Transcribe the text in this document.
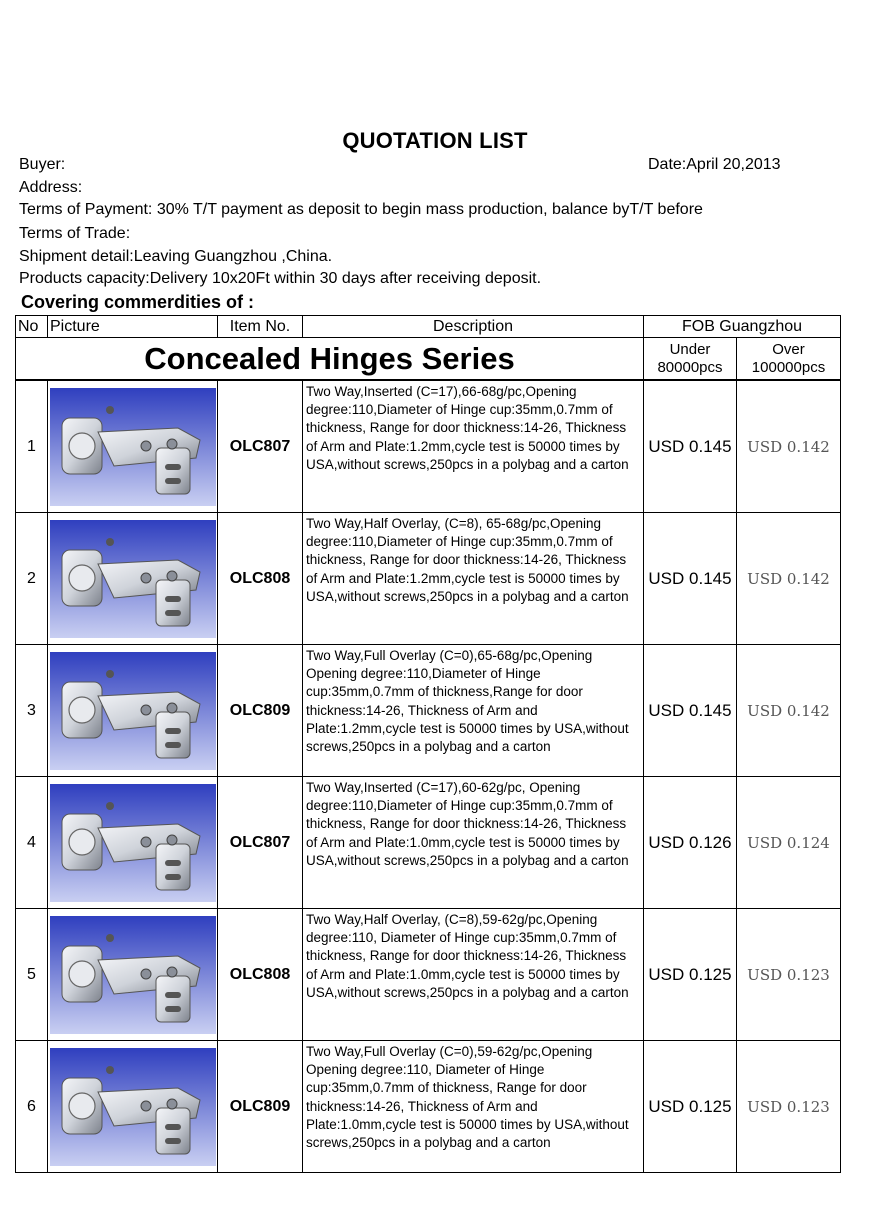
QUOTATION LIST
Buyer:	Date:April 20,2013
Address:
Terms of Payment: 30% T/T payment as deposit to begin mass production, balance byT/T before
Terms of Trade:
Shipment detail:Leaving Guangzhou ,China.
Products capacity:Delivery 10x20Ft within 30 days after receiving deposit.
Covering commerdities of :
No	Picture	Item No.	Description	FOB Guangzhou	
Concealed Hinges Series				Under 80000pcs	Over 100000pcs
1		OLC807	Two Way,Inserted (C=17),66-68g/pc,Opening degree:110,Diameter of Hinge cup:35mm,0.7mm of thickness, Range for door thickness:14-26, Thickness of Arm and Plate:1.2mm,cycle test is 50000 times by USA,without screws,250pcs in a polybag and a carton	USD 0.145	USD 0.142
2		OLC808	Two Way,Half Overlay, (C=8), 65-68g/pc,Opening degree:110,Diameter of Hinge cup:35mm,0.7mm of thickness, Range for door thickness:14-26, Thickness of Arm and Plate:1.2mm,cycle test is 50000 times by USA,without screws,250pcs in a polybag and a carton	USD 0.145	USD 0.142
3		OLC809	Two Way,Full Overlay (C=0),65-68g/pc,Opening Opening degree:110,Diameter of Hinge cup:35mm,0.7mm of thickness,Range for door thickness:14-26, Thickness of Arm and Plate:1.2mm,cycle test is 50000 times by USA,without screws,250pcs in a polybag and a carton	USD 0.145	USD 0.142
4		OLC807	Two Way,Inserted (C=17),60-62g/pc, Opening degree:110,Diameter of Hinge cup:35mm,0.7mm of thickness, Range for door thickness:14-26, Thickness of Arm and Plate:1.0mm,cycle test is 50000 times by USA,without screws,250pcs in a polybag and a carton	USD 0.126	USD 0.124
5		OLC808	Two Way,Half Overlay, (C=8),59-62g/pc,Opening degree:110, Diameter of Hinge cup:35mm,0.7mm of thickness, Range for door thickness:14-26, Thickness of Arm and Plate:1.0mm,cycle test is 50000 times by USA,without screws,250pcs in a polybag and a carton	USD 0.125	USD 0.123
6		OLC809	Two Way,Full Overlay (C=0),59-62g/pc,Opening Opening degree:110, Diameter of Hinge cup:35mm,0.7mm of thickness, Range for door thickness:14-26, Thickness of Arm and Plate:1.0mm,cycle test is 50000 times by USA,without screws,250pcs in a polybag and a carton	USD 0.125	USD 0.123
